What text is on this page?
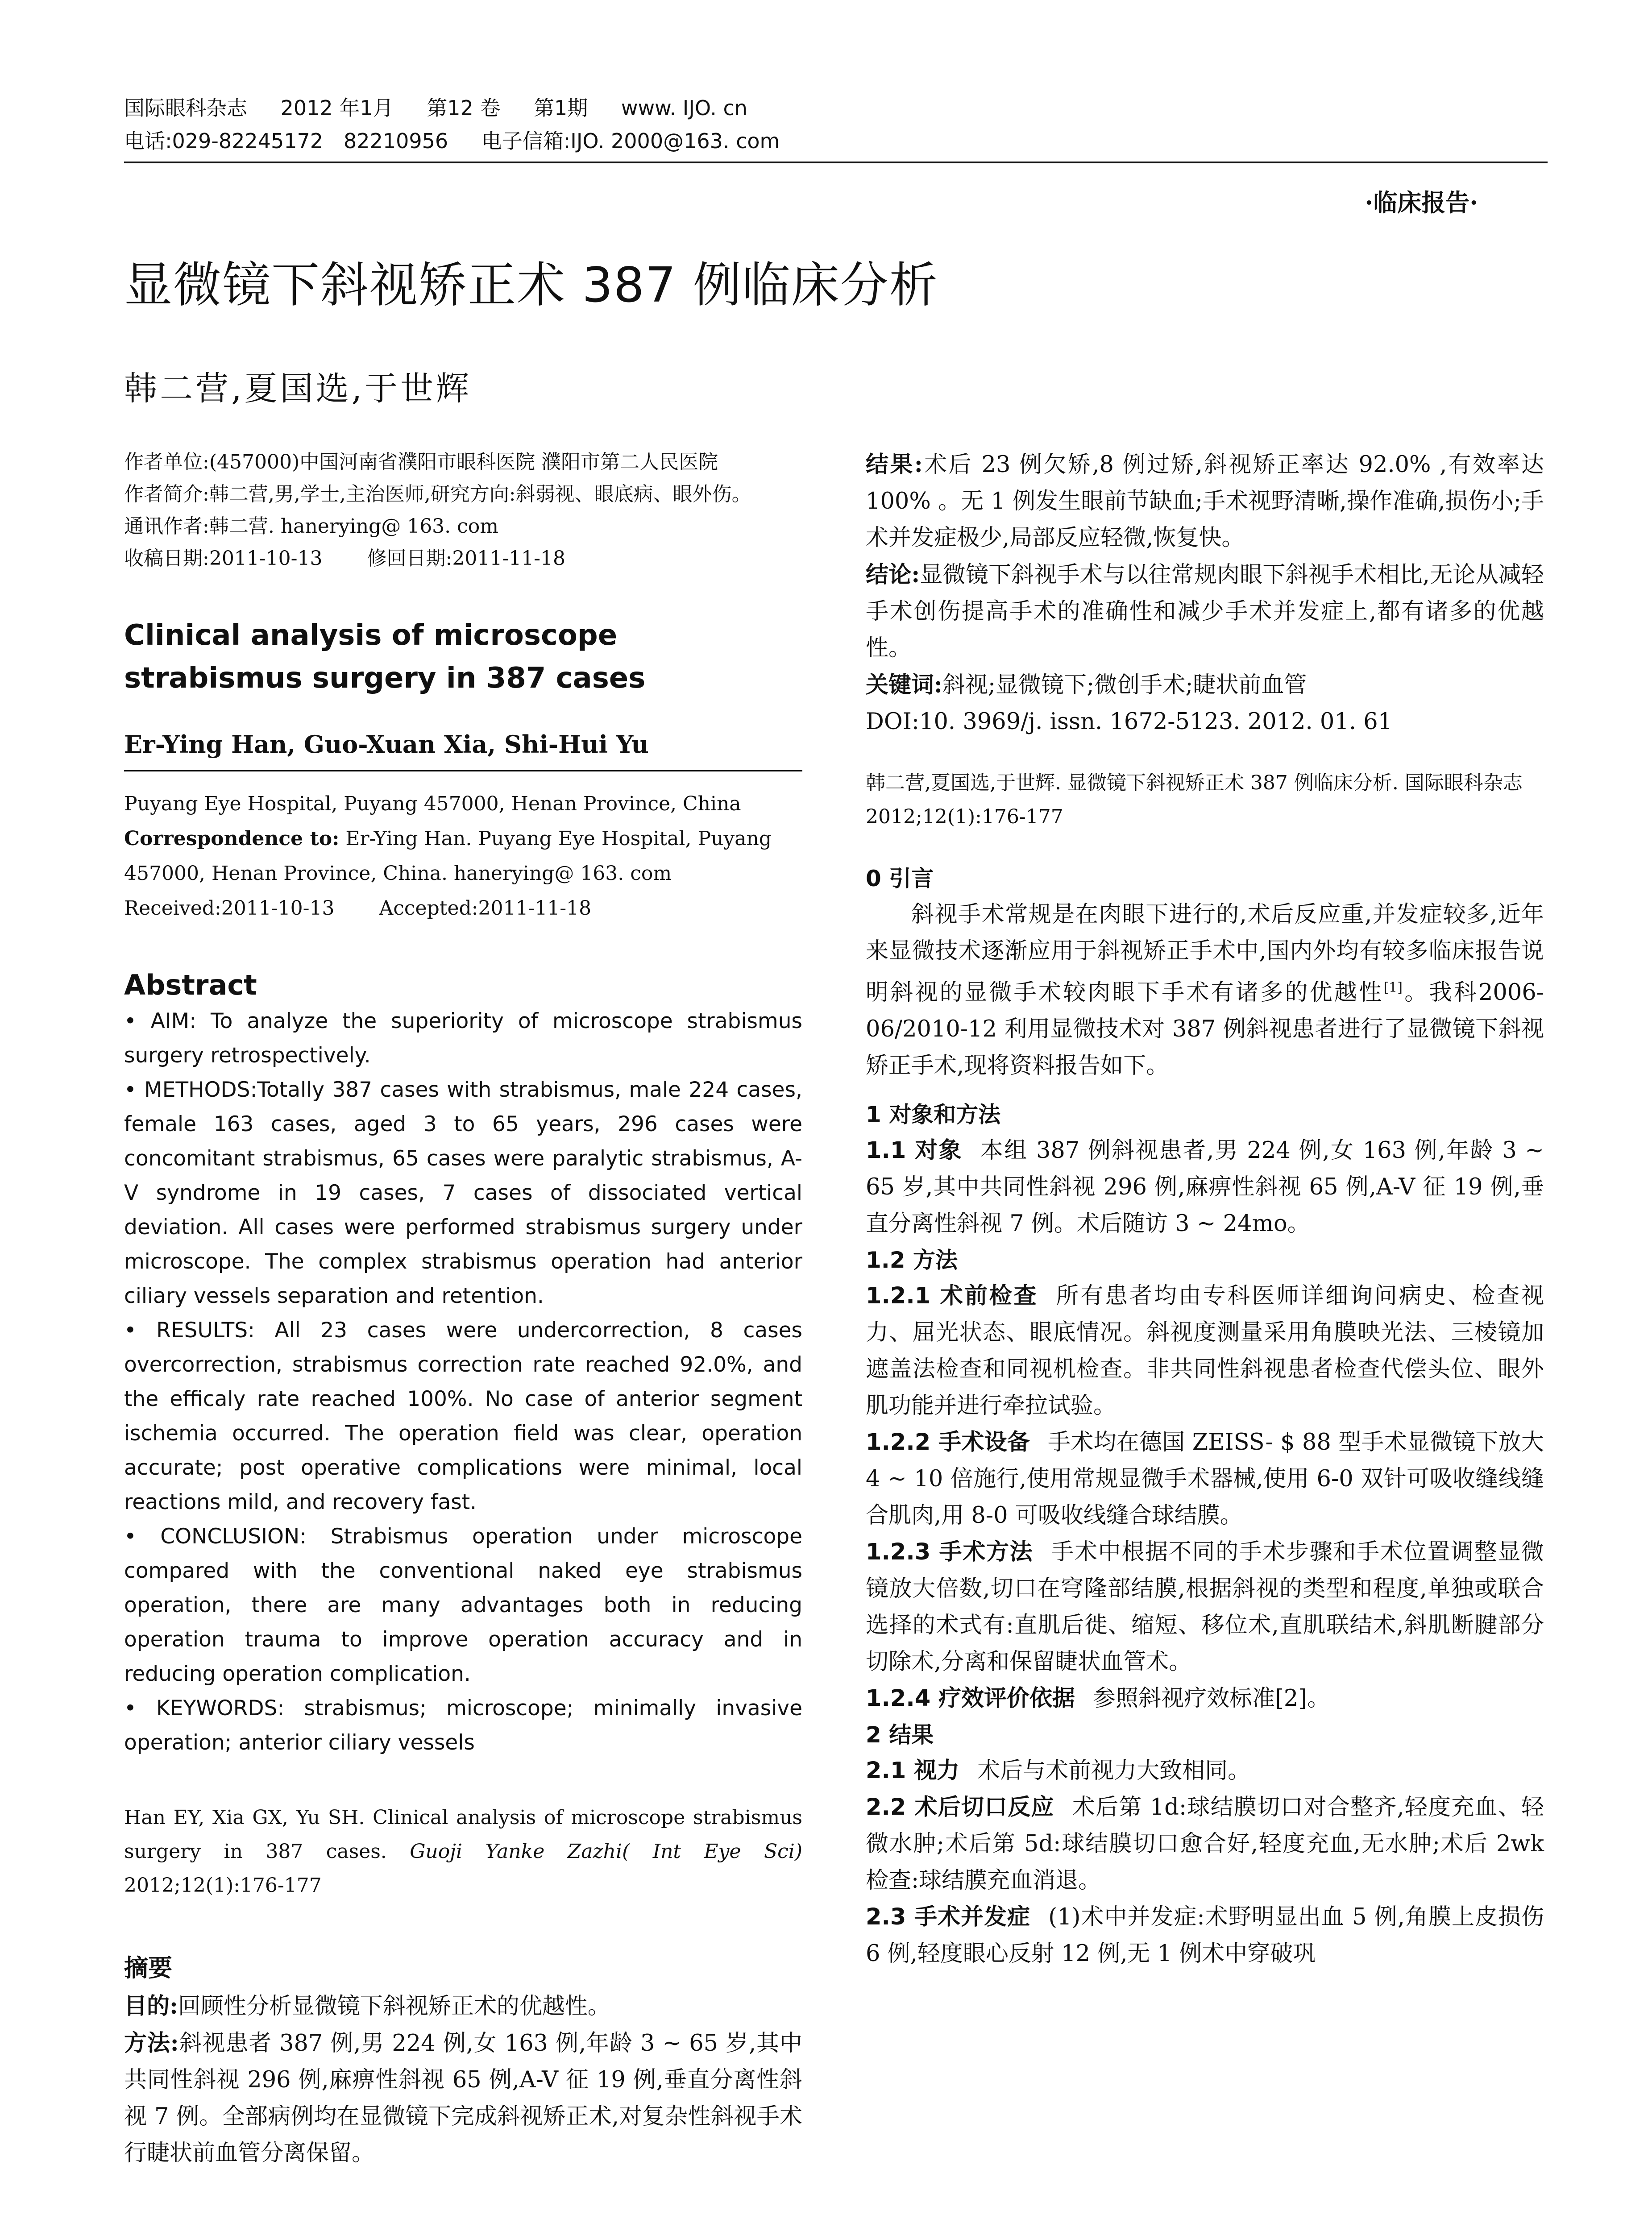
国际眼科杂志 2012 年1月 第12 卷 第1期 www. IJO. cn
电话:029-82245172　82210956 电子信箱:IJO. 2000@163. com
·临床报告·
显微镜下斜视矫正术 387 例临床分析
韩二营,夏国选,于世辉

作者单位:(457000)中国河南省濮阳市眼科医院 濮阳市第二人民医院

作者简介:韩二营,男,学士,主治医师,研究方向:斜弱视、眼底病、眼外伤。

通讯作者:韩二营. hanerying@ 163. com

收稿日期:2011-10-13 修回日期:2011-11-18

Clinical analysis of microscope strabismus surgery in 387 cases
Er-Ying Han, Guo-Xuan Xia, Shi-Hui Yu

Puyang Eye Hospital, Puyang 457000, Henan Province, China

Correspondence to: Er-Ying Han. Puyang Eye Hospital, Puyang 457000, Henan Province, China. hanerying@ 163. com

Received:2011-10-13 Accepted:2011-11-18

Abstract

• AIM: To analyze the superiority of microscope strabismus surgery retrospectively.

• METHODS:Totally 387 cases with strabismus, male 224 cases, female 163 cases, aged 3 to 65 years, 296 cases were concomitant strabismus, 65 cases were paralytic strabismus, A-V syndrome in 19 cases, 7 cases of dissociated vertical deviation. All cases were performed strabismus surgery under microscope. The complex strabismus operation had anterior ciliary vessels separation and retention.

• RESULTS: All 23 cases were undercorrection, 8 cases overcorrection, strabismus correction rate reached 92.0%, and the efficaly rate reached 100%. No case of anterior segment ischemia occurred. The operation field was clear, operation accurate; post operative complications were minimal, local reactions mild, and recovery fast.

• CONCLUSION: Strabismus operation under microscope compared with the conventional naked eye strabismus operation, there are many advantages both in reducing operation trauma to improve operation accuracy and in reducing operation complication.

• KEYWORDS: strabismus; microscope; minimally invasive operation; anterior ciliary vessels

Han EY, Xia GX, Yu SH. Clinical analysis of microscope strabismus surgery in 387 cases. Guoji Yanke Zazhi( Int Eye Sci) 2012;12(1):176-177
摘要

目的:回顾性分析显微镜下斜视矫正术的优越性。

方法:斜视患者 387 例,男 224 例,女 163 例,年龄 3 ~ 65 岁,其中共同性斜视 296 例,麻痹性斜视 65 例,A-V 征 19 例,垂直分离性斜视 7 例。全部病例均在显微镜下完成斜视矫正术,对复杂性斜视手术行睫状前血管分离保留。

结果:术后 23 例欠矫,8 例过矫,斜视矫正率达 92.0% ,有效率达 100% 。无 1 例发生眼前节缺血;手术视野清晰,操作准确,损伤小;手术并发症极少,局部反应轻微,恢复快。

结论:显微镜下斜视手术与以往常规肉眼下斜视手术相比,无论从减轻手术创伤提高手术的准确性和减少手术并发症上,都有诸多的优越性。

关键词:斜视;显微镜下;微创手术;睫状前血管

DOI:10. 3969/j. issn. 1672-5123. 2012. 01. 61

韩二营,夏国选,于世辉. 显微镜下斜视矫正术 387 例临床分析. 国际眼科杂志 2012;12(1):176-177
0 引言

斜视手术常规是在肉眼下进行的,术后反应重,并发症较多,近年来显微技术逐渐应用于斜视矫正手术中,国内外均有较多临床报告说明斜视的显微手术较肉眼下手术有诸多的优越性[1]。我科2006-06/2010-12 利用显微技术对 387 例斜视患者进行了显微镜下斜视矫正手术,现将资料报告如下。

1 对象和方法

1.1 对象 本组 387 例斜视患者,男 224 例,女 163 例,年龄 3 ~ 65 岁,其中共同性斜视 296 例,麻痹性斜视 65 例,A-V 征 19 例,垂直分离性斜视 7 例。术后随访 3 ~ 24mo。

1.2 方法

1.2.1 术前检查 所有患者均由专科医师详细询问病史、检查视力、屈光状态、眼底情况。斜视度测量采用角膜映光法、三棱镜加遮盖法检查和同视机检查。非共同性斜视患者检查代偿头位、眼外肌功能并进行牵拉试验。

1.2.2 手术设备 手术均在德国 ZEISS- $ 88 型手术显微镜下放大 4 ~ 10 倍施行,使用常规显微手术器械,使用 6-0 双针可吸收缝线缝合肌肉,用 8-0 可吸收线缝合球结膜。

1.2.3 手术方法 手术中根据不同的手术步骤和手术位置调整显微镜放大倍数,切口在穹隆部结膜,根据斜视的类型和程度,单独或联合选择的术式有:直肌后徙、缩短、移位术,直肌联结术,斜肌断腱部分切除术,分离和保留睫状血管术。

1.2.4 疗效评价依据 参照斜视疗效标准[2]。

2 结果

2.1 视力 术后与术前视力大致相同。

2.2 术后切口反应 术后第 1d:球结膜切口对合整齐,轻度充血、轻微水肿;术后第 5d:球结膜切口愈合好,轻度充血,无水肿;术后 2wk 检查:球结膜充血消退。

2.3 手术并发症 (1)术中并发症:术野明显出血 5 例,角膜上皮损伤 6 例,轻度眼心反射 12 例,无 1 例术中穿破巩
